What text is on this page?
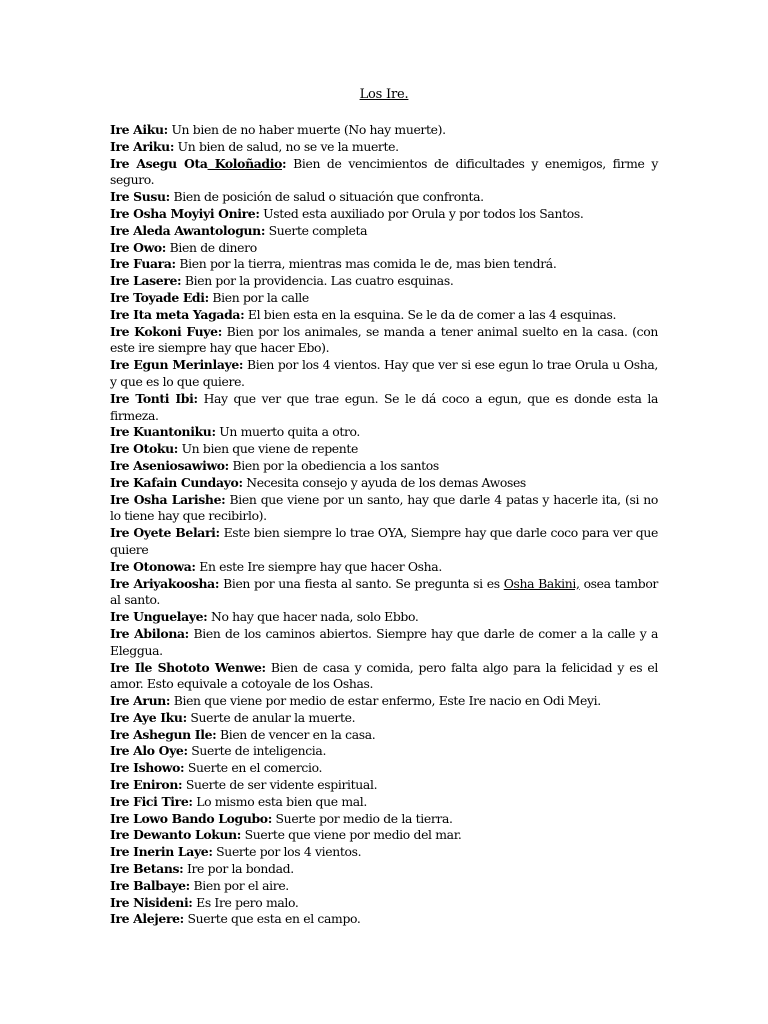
Los Ire.

Ire Aiku: Un bien de no haber muerte (No hay muerte).

Ire Ariku: Un bien de salud, no se ve la muerte.

Ire Asegu Ota Koloñadio: Bien de vencimientos de dificultades y enemigos, firme y seguro.

Ire Susu: Bien de posición de salud o situación que confronta.

Ire Osha Moyiyi Onire: Usted esta auxiliado por Orula y por todos los Santos.

Ire Aleda Awantologun: Suerte completa

Ire Owo: Bien de dinero

Ire Fuara: Bien por la tierra, mientras mas comida le de, mas bien tendrá.

Ire Lasere: Bien por la providencia. Las cuatro esquinas.

Ire Toyade Edi: Bien por la calle

Ire Ita meta Yagada: El bien esta en la esquina. Se le da de comer a las 4 esquinas.

Ire Kokoni Fuye: Bien por los animales, se manda a tener animal suelto en la casa. (con este ire siempre hay que hacer Ebo).

Ire Egun Merinlaye: Bien por los 4 vientos. Hay que ver si ese egun lo trae Orula u Osha, y que es lo que quiere.

Ire Tonti Ibi: Hay que ver que trae egun. Se le dá coco a egun, que es donde esta la firmeza.

Ire Kuantoniku: Un muerto quita a otro.

Ire Otoku: Un bien que viene de repente

Ire Aseniosawiwo: Bien por la obediencia a los santos

Ire Kafain Cundayo: Necesita consejo y ayuda de los demas Awoses

Ire Osha Larishe: Bien que viene por un santo, hay que darle 4 patas y hacerle ita, (si no lo tiene hay que recibirlo).

Ire Oyete Belari: Este bien siempre lo trae OYA, Siempre hay que darle coco para ver que quiere

Ire Otonowa: En este Ire siempre hay que hacer Osha.

Ire Ariyakoosha: Bien por una fiesta al santo. Se pregunta si es Osha Bakini, osea tambor al santo.

Ire Unguelaye: No hay que hacer nada, solo Ebbo.

Ire Abilona: Bien de los caminos abiertos. Siempre hay que darle de comer a la calle y a Eleggua.

Ire Ile Shototo Wenwe: Bien de casa y comida, pero falta algo para la felicidad y es el amor. Esto equivale a cotoyale de los Oshas.

Ire Arun: Bien que viene por medio de estar enfermo, Este Ire nacio en Odi Meyi.

Ire Aye Iku: Suerte de anular la muerte.

Ire Ashegun Ile: Bien de vencer en la casa.

Ire Alo Oye: Suerte de inteligencia.

Ire Ishowo: Suerte en el comercio.

Ire Eniron: Suerte de ser vidente espiritual.

Ire Fici Tire: Lo mismo esta bien que mal.

Ire Lowo Bando Logubo: Suerte por medio de la tierra.

Ire Dewanto Lokun: Suerte que viene por medio del mar.

Ire Inerin Laye: Suerte por los 4 vientos.

Ire Betans: Ire por la bondad.

Ire Balbaye: Bien por el aire.

Ire Nisideni: Es Ire pero malo.

Ire Alejere: Suerte que esta en el campo.
